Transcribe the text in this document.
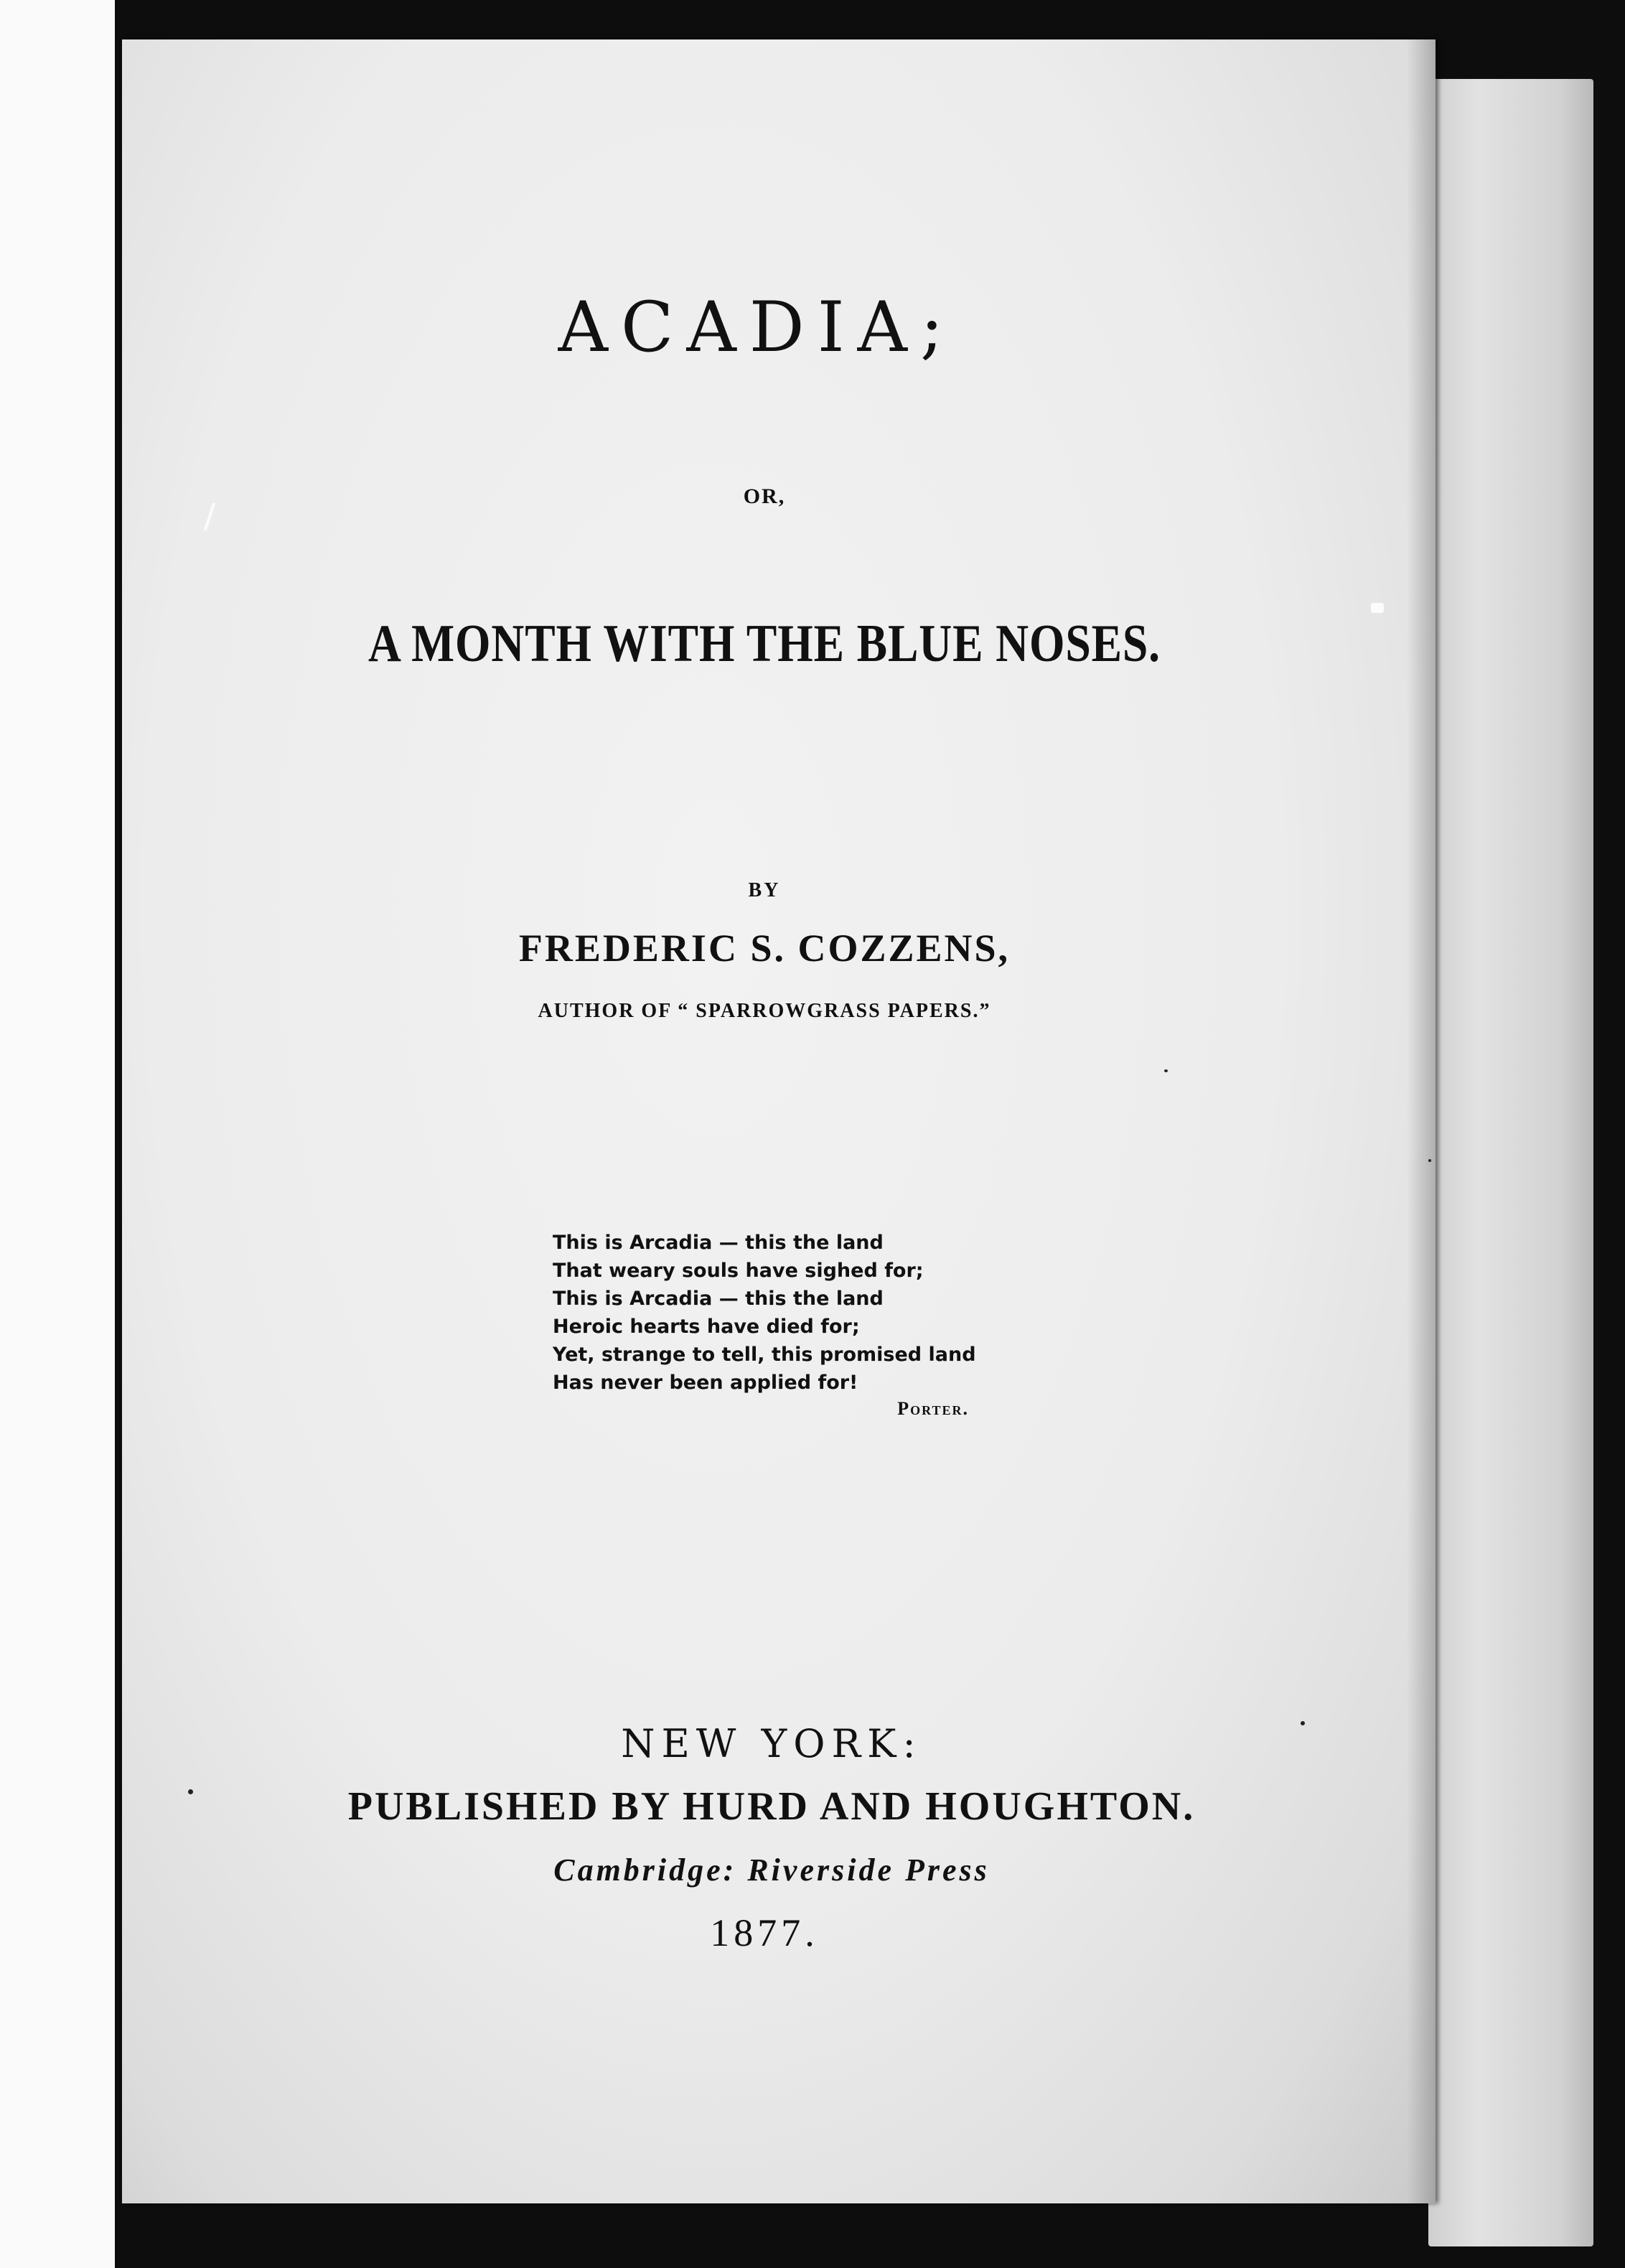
ACADIA;
OR,
A MONTH WITH THE BLUE NOSES.
BY
FREDERIC S. COZZENS,
AUTHOR OF “ SPARROWGRASS PAPERS.”
This is Arcadia — this the land
That weary souls have sighed for;
This is Arcadia — this the land
Heroic hearts have died for;
Yet, strange to tell, this promised land
Has never been applied for!
Porter.
NEW YORK:
PUBLISHED BY HURD AND HOUGHTON.
Cambridge: Riverside Press
1877.
